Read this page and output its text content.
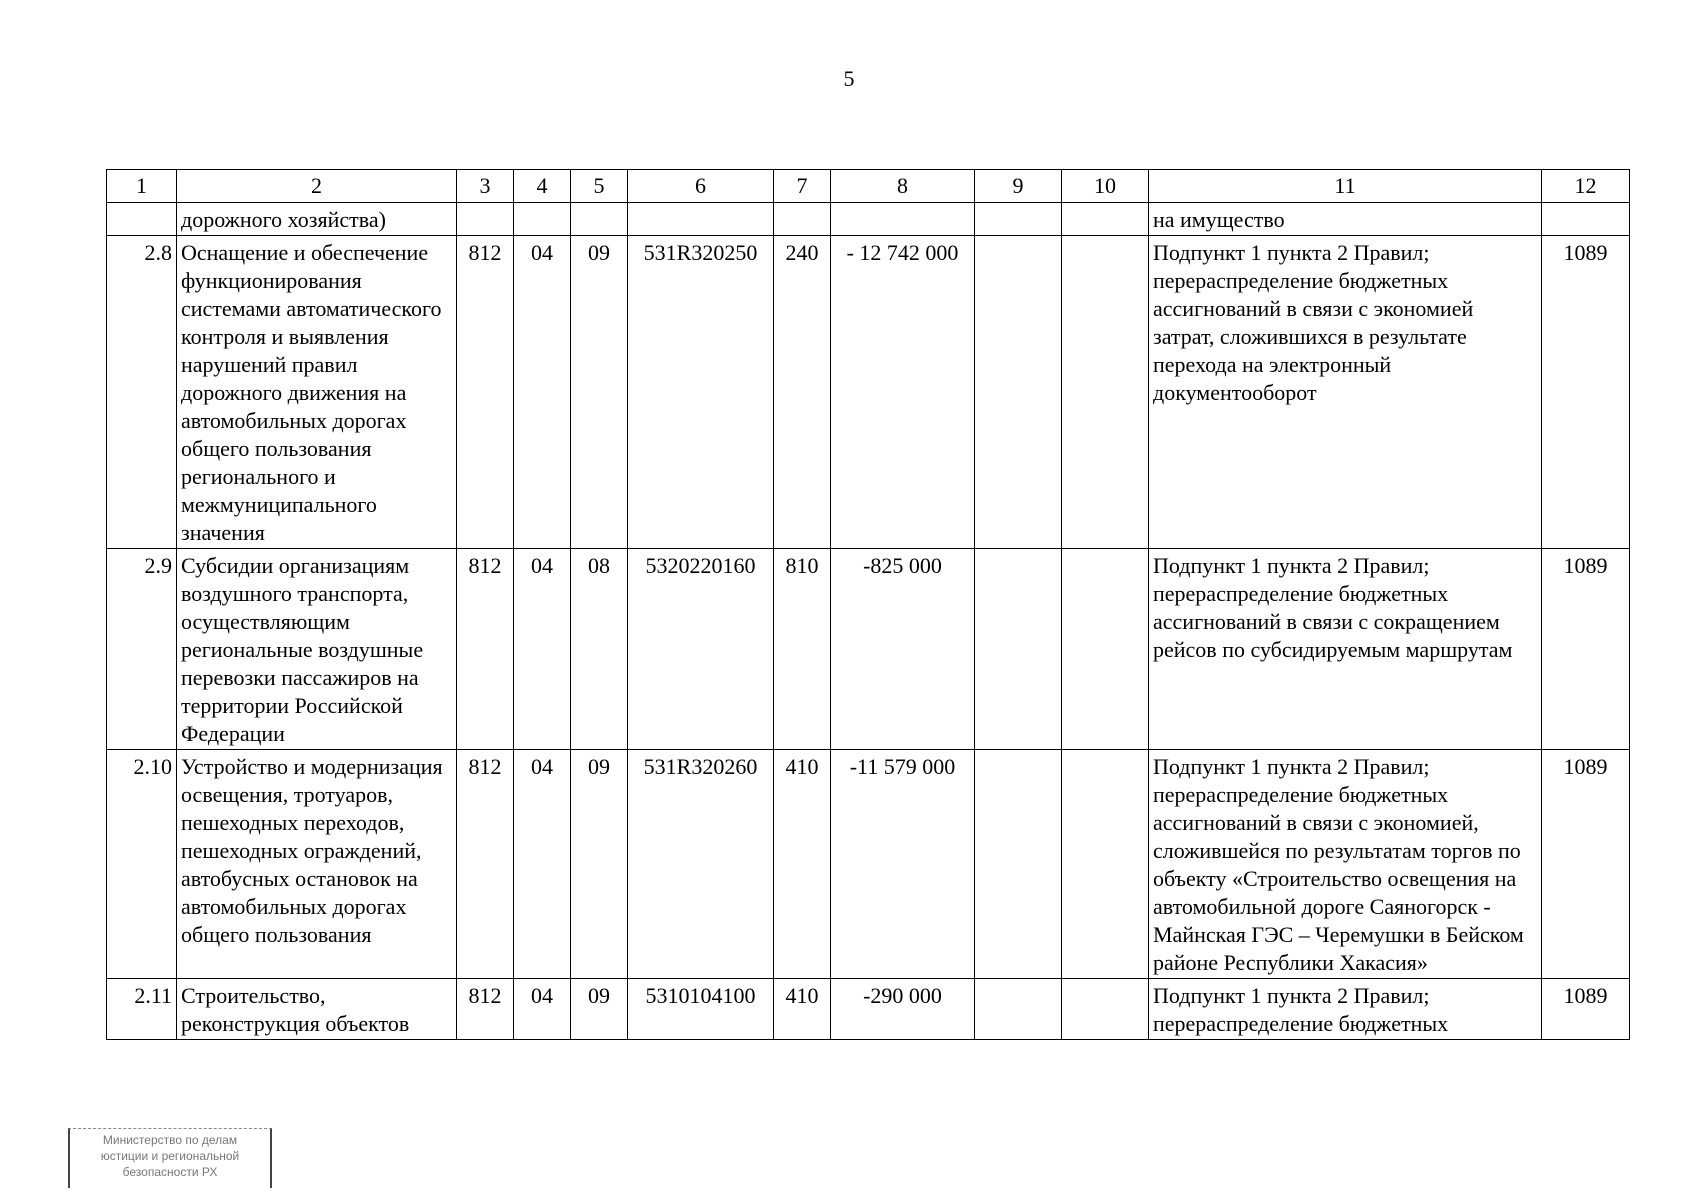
5
1	2	3	4	5	6	7	8	9	10	11	12
	дорожного хозяйства)									на имущество	
2.8	Оснащение и обеспечение функционирования системами автоматического контроля и выявления нарушений правил дорожного движения на автомобильных дорогах общего пользования регионального и межмуниципального значения	812	04	09	531R320250	240	- 12 742 000			Подпункт 1 пункта 2 Правил; перераспределение бюджетных ассигнований в связи с экономией затрат, сложившихся в результате перехода на электронный документооборот	1089
2.9	Субсидии организациям воздушного транспорта, осуществляющим региональные воздушные перевозки пассажиров на территории Российской Федерации	812	04	08	5320220160	810	-825 000			Подпункт 1 пункта 2 Правил; перераспределение бюджетных ассигнований в связи с сокращением рейсов по субсидируемым маршрутам	1089
2.10	Устройство и модернизация освещения, тротуаров, пешеходных переходов, пешеходных ограждений, автобусных остановок на автомобильных дорогах общего пользования	812	04	09	531R320260	410	-11 579 000			Подпункт 1 пункта 2 Правил; перераспределение бюджетных ассигнований в связи с экономией, сложившейся по результатам торгов по объекту «Строительство освещения на автомобильной дороге Саяногорск - Майнская ГЭС – Черемушки в Бейском районе Республики Хакасия»	1089
2.11	Строительство, реконструкция объектов	812	04	09	5310104100	410	-290 000			Подпункт 1 пункта 2 Правил; перераспределение бюджетных	1089
Министерство по делам
юстиции и региональной
безопасности РХ
